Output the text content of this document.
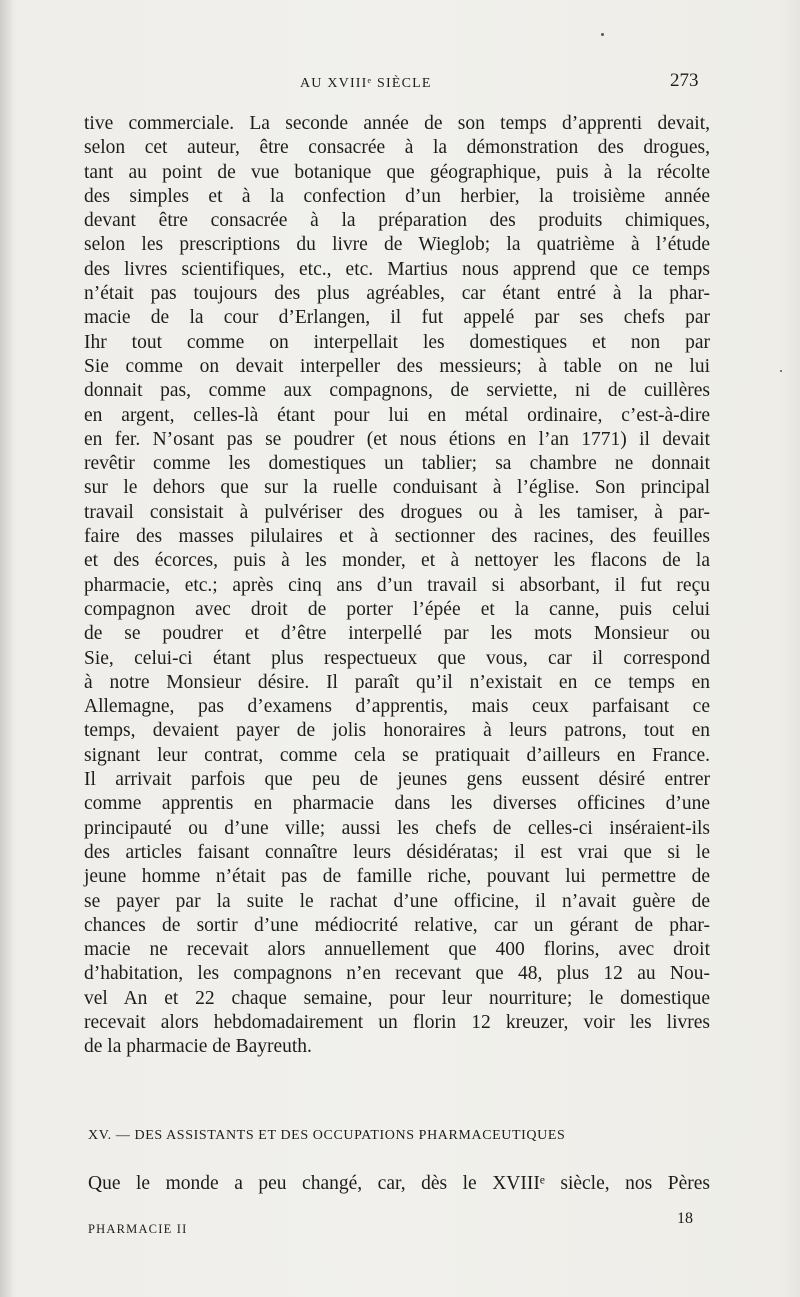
AU XVIIIᵉ SIÈCLE	273
tive commerciale. La seconde année de son temps d’apprenti devait,
selon cet auteur, être consacrée à la démonstration des drogues,
tant au point de vue botanique que géographique, puis à la récolte
des simples et à la confection d’un herbier, la troisième année
devant être consacrée à la préparation des produits chimiques,
selon les prescriptions du livre de Wieglob; la quatrième à l’étude
des livres scientifiques, etc., etc. Martius nous apprend que ce temps
n’était pas toujours des plus agréables, car étant entré à la phar-
macie de la cour d’Erlangen, il fut appelé par ses chefs par
Ihr tout comme on interpellait les domestiques et non par
Sie comme on devait interpeller des messieurs; à table on ne lui
donnait pas, comme aux compagnons, de serviette, ni de cuillères
en argent, celles-là étant pour lui en métal ordinaire, c’est-à-dire
en fer. N’osant pas se poudrer (et nous étions en l’an 1771) il devait
revêtir comme les domestiques un tablier; sa chambre ne donnait
sur le dehors que sur la ruelle conduisant à l’église. Son principal
travail consistait à pulvériser des drogues ou à les tamiser, à par-
faire des masses pilulaires et à sectionner des racines, des feuilles
et des écorces, puis à les monder, et à nettoyer les flacons de la
pharmacie, etc.; après cinq ans d’un travail si absorbant, il fut reçu
compagnon avec droit de porter l’épée et la canne, puis celui
de se poudrer et d’être interpellé par les mots Monsieur ou
Sie, celui-ci étant plus respectueux que vous, car il correspond
à notre Monsieur désire. Il paraît qu’il n’existait en ce temps en
Allemagne, pas d’examens d’apprentis, mais ceux parfaisant ce
temps, devaient payer de jolis honoraires à leurs patrons, tout en
signant leur contrat, comme cela se pratiquait d’ailleurs en France.
Il arrivait parfois que peu de jeunes gens eussent désiré entrer
comme apprentis en pharmacie dans les diverses officines d’une
principauté ou d’une ville; aussi les chefs de celles-ci inséraient-ils
des articles faisant connaître leurs désidératas; il est vrai que si le
jeune homme n’était pas de famille riche, pouvant lui permettre de
se payer par la suite le rachat d’une officine, il n’avait guère de
chances de sortir d’une médiocrité relative, car un gérant de phar-
macie ne recevait alors annuellement que 400 florins, avec droit
d’habitation, les compagnons n’en recevant que 48, plus 12 au Nou-
vel An et 22 chaque semaine, pour leur nourriture; le domestique
recevait alors hebdomadairement un florin 12 kreuzer, voir les livres
de la pharmacie de Bayreuth.
XV. — DES ASSISTANTS ET DES OCCUPATIONS PHARMACEUTIQUES
Que le monde a peu changé, car, dès le XVIIIᵉ siècle, nos Pères
PHARMACIE II
18
